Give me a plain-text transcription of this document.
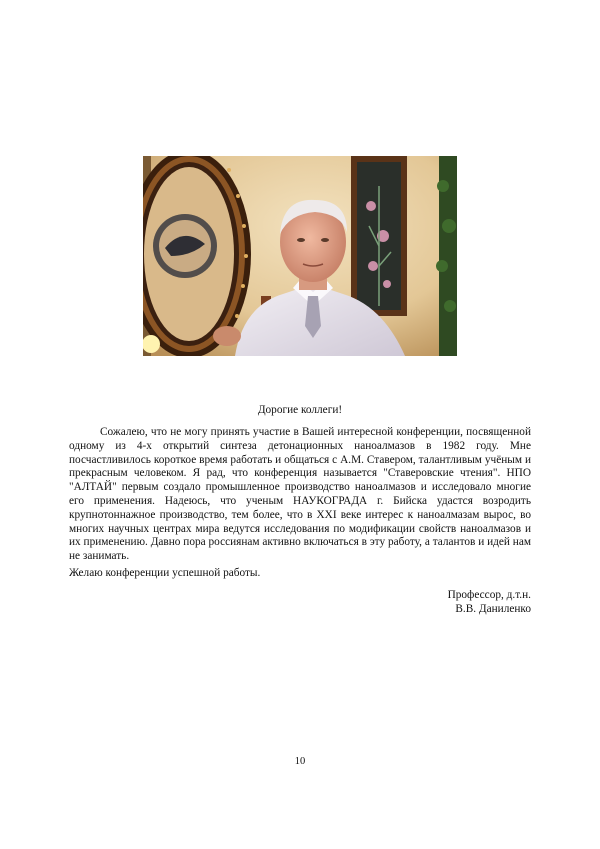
Дорогие коллеги!

Сожалею, что не могу принять участие в Вашей интересной конференции, посвященной одному из 4-х открытий синтеза детонационных наноалмазов в 1982 году. Мне посчастливилось короткое время работать и общаться с А.М. Ставером, талантливым учёным и прекрасным человеком. Я рад, что конференция называется "Ставеровские чтения". НПО "АЛТАЙ" первым создало промышленное производство наноалмазов и исследовало многие его применения. Надеюсь, что ученым НАУКОГРАДА г. Бийска удастся возродить крупнотоннажное производство, тем более, что в XXI веке интерес к наноалмазам вырос, во многих научных центрах мира ведутся исследования по модификации свойств наноалмазов и их применению. Давно пора россиянам активно включаться в эту работу, а талантов и идей нам не занимать.

Желаю конференции успешной работы.
Профессор, д.т.н.
В.В. Даниленко
10
